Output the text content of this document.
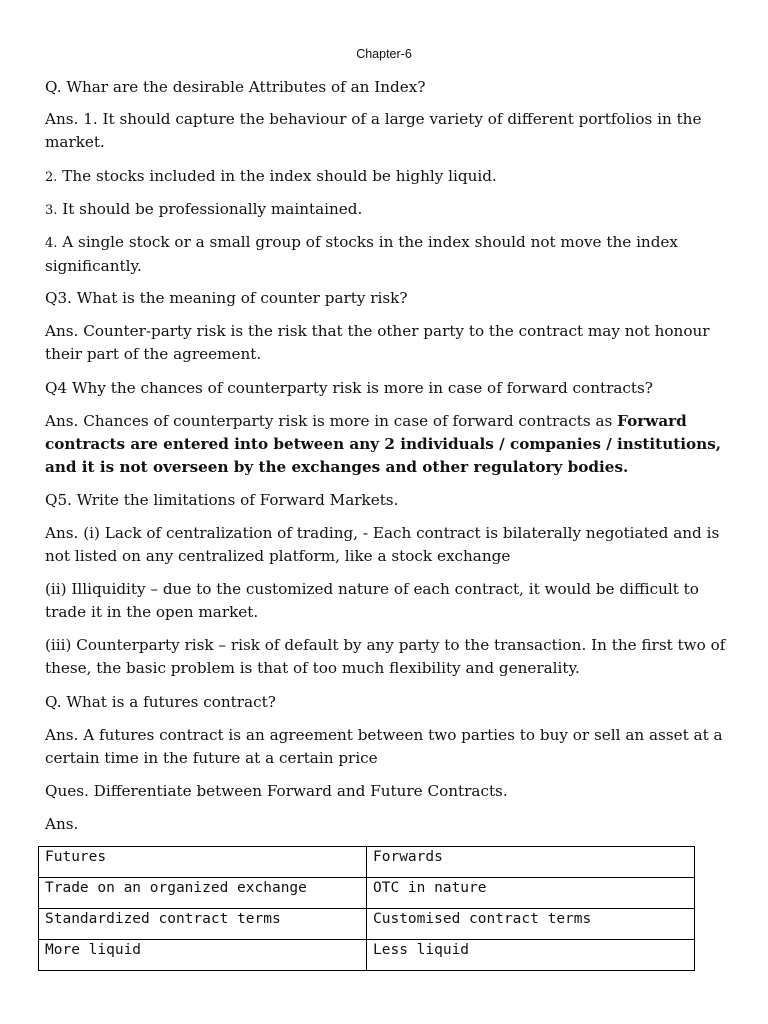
Chapter-6

Q. Whar are the desirable Attributes of an Index?

Ans. 1. It should capture the behaviour of a large variety of different portfolios in the market.

2. The stocks included in the index should be highly liquid.

3. It should be professionally maintained.

4. A single stock or a small group of stocks in the index should not move the index significantly.

Q3. What is the meaning of counter party risk?

Ans. Counter-party risk is the risk that the other party to the contract may not honour their part of the agreement.

Q4 Why the chances of counterparty risk is more in case of forward contracts?

Ans. Chances of counterparty risk is more in case of forward contracts as Forward contracts are entered into between any 2 individuals / companies / institutions, and it is not overseen by the exchanges and other regulatory bodies.

Q5. Write the limitations of Forward Markets.

Ans. (i) Lack of centralization of trading, - Each contract is bilaterally negotiated and is not listed on any centralized platform, like a stock exchange

(ii) Illiquidity – due to the customized nature of each contract, it would be difficult to trade it in the open market.

(iii) Counterparty risk – risk of default by any party to the transaction. In the first two of these, the basic problem is that of too much flexibility and generality.

Q. What is a futures contract?

Ans. A futures contract is an agreement between two parties to buy or sell an asset at a certain time in the future at a certain price

Ques. Differentiate between Forward and Future Contracts.

Ans.

Futures	Forwards
Trade on an organized exchange	OTC in nature
Standardized contract terms	Customised contract terms
More liquid	Less liquid
